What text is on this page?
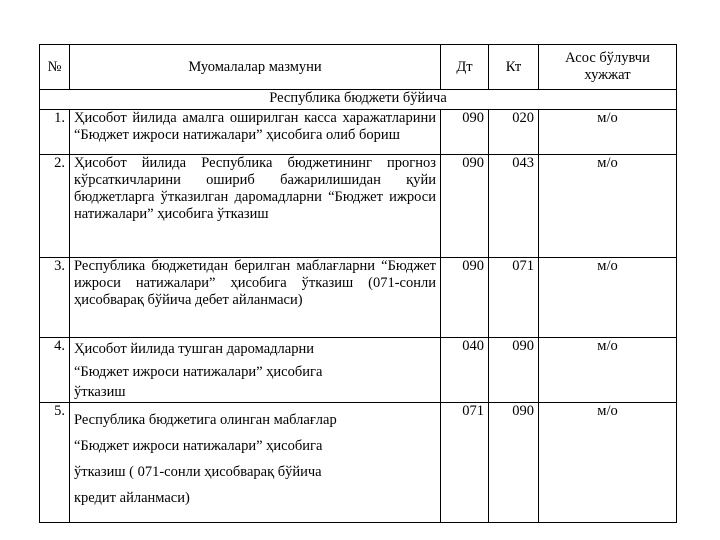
№	Муомалалар мазмуни	Дт	Кт	Асос бўлувчи хужжат
Республика бюджети бўйича				
1.	Ҳисобот йилида амалга оширилган касса харажатларини “Бюджет ижроси натижалари” ҳисобига олиб бориш	090	020	м/о
2.	Ҳисобот йилида Республика бюджетининг прогноз кўрсаткичларини ошириб бажарилишидан қуйи бюджетларга ўтказилган даромадларни “Бюджет ижроси натижалари” ҳисобига ўтказиш	090	043	м/о
3.	Республика бюджетидан берилган маблағларни “Бюджет ижроси натижалари” ҳисобига ўтказиш (071-сонли ҳисобварақ бўйича дебет айланмаси)	090	071	м/о
4.	Ҳисобот йилида тушган даромадларни
“Бюджет ижроси натижалари” ҳисобига
ўтказиш	040	090	м/о
5.	Республика бюджетига олинган маблағлар
“Бюджет ижроси натижалари” ҳисобига
ўтказиш ( 071-сонли ҳисобварақ бўйича
кредит айланмаси)	071	090	м/о
